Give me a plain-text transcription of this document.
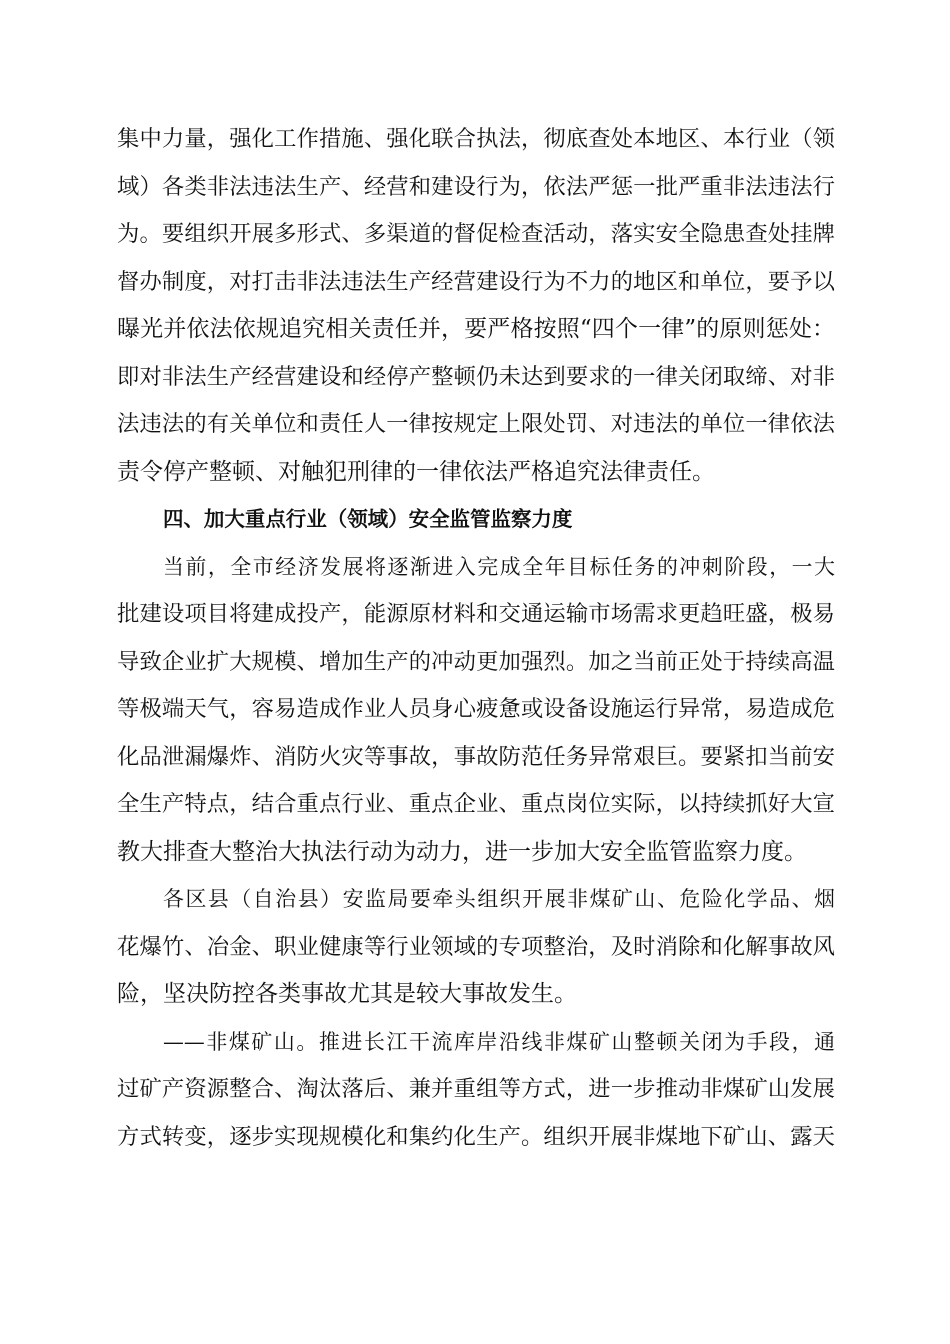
集中力量，强化工作措施、强化联合执法，彻底查处本地区、本行业（领
域）各类非法违法生产、经营和建设行为，依法严惩一批严重非法违法行
为。要组织开展多形式、多渠道的督促检查活动，落实安全隐患查处挂牌
督办制度，对打击非法违法生产经营建设行为不力的地区和单位，要予以
曝光并依法依规追究相关责任并，要严格按照“四个一律”的原则惩处：
即对非法生产经营建设和经停产整顿仍未达到要求的一律关闭取缔、对非
法违法的有关单位和责任人一律按规定上限处罚、对违法的单位一律依法
责令停产整顿、对触犯刑律的一律依法严格追究法律责任。
四、加大重点行业（领域）安全监管监察力度
当前，全市经济发展将逐渐进入完成全年目标任务的冲刺阶段，一大
批建设项目将建成投产，能源原材料和交通运输市场需求更趋旺盛，极易
导致企业扩大规模、增加生产的冲动更加强烈。加之当前正处于持续高温
等极端天气，容易造成作业人员身心疲惫或设备设施运行异常，易造成危
化品泄漏爆炸、消防火灾等事故，事故防范任务异常艰巨。要紧扣当前安
全生产特点，结合重点行业、重点企业、重点岗位实际，以持续抓好大宣
教大排查大整治大执法行动为动力，进一步加大安全监管监察力度。
各区县（自治县）安监局要牵头组织开展非煤矿山、危险化学品、烟
花爆竹、冶金、职业健康等行业领域的专项整治，及时消除和化解事故风
险，坚决防控各类事故尤其是较大事故发生。
——非煤矿山。推进长江干流库岸沿线非煤矿山整顿关闭为手段，通
过矿产资源整合、淘汰落后、兼并重组等方式，进一步推动非煤矿山发展
方式转变，逐步实现规模化和集约化生产。组织开展非煤地下矿山、露天
